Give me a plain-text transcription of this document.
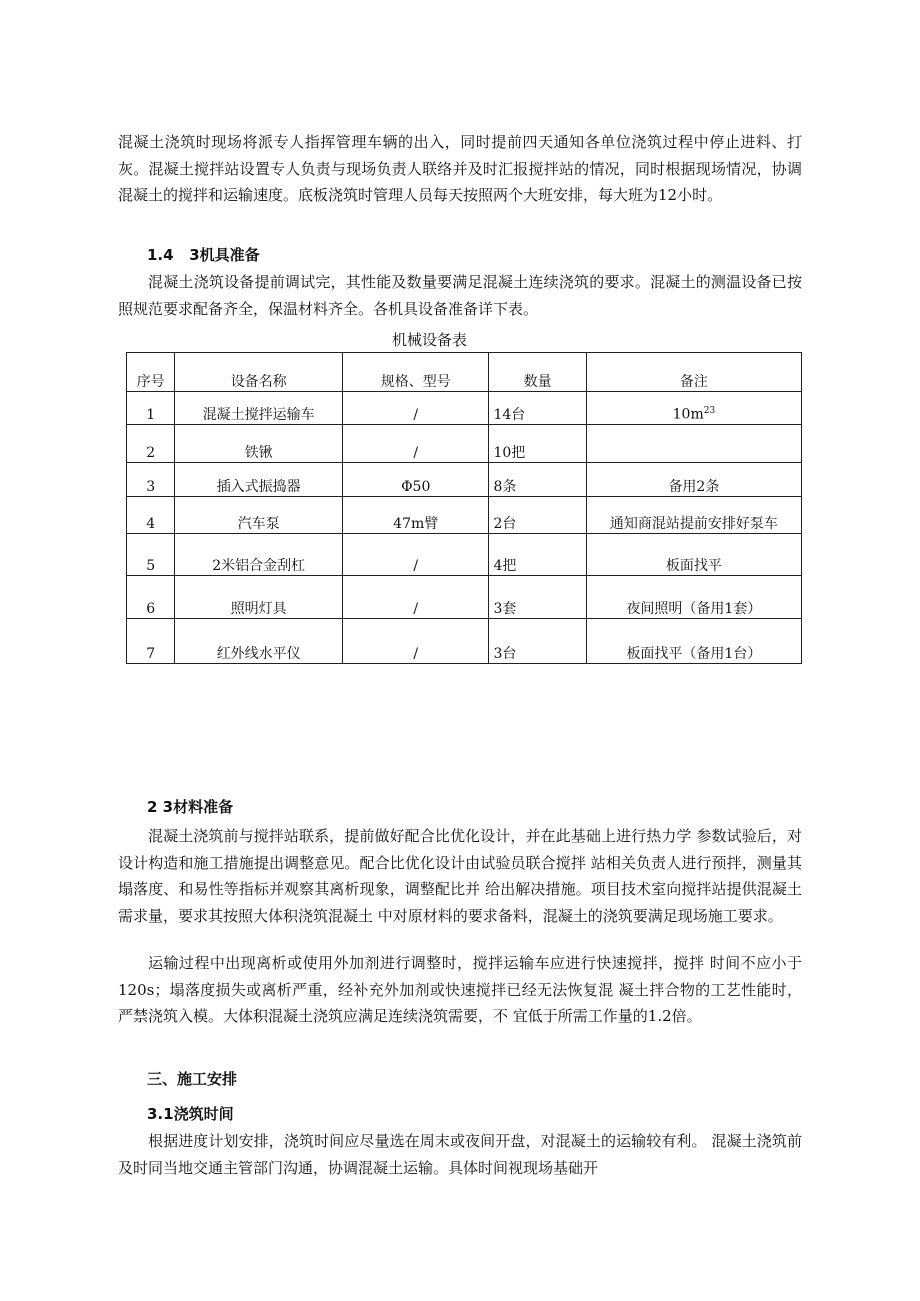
混凝土浇筑时现场将派专人指挥管理车辆的出入，同时提前四天通知各单位浇筑过程中停止进料、打灰。混凝土搅拌站设置专人负责与现场负责人联络并及时汇报搅拌站的情况，同时根据现场情况，协调混凝土的搅拌和运输速度。底板浇筑时管理人员每天按照两个大班安排，每大班为12小时。

1.4   3机具准备

混凝土浇筑设备提前调试完，其性能及数量要满足混凝土连续浇筑的要求。混凝土的测温设备已按照规范要求配备齐全，保温材料齐全。各机具设备准备详下表。

机械设备表

序号	设备名称	规格、型号	数量	备注
1	混凝土搅拌运输车	/	14台	$10m^{23}$
2	铁锹	/	10把	
3	插入式振捣器	Φ50	8条	备用2条
4	汽车泵	47m臂	2台	通知商混站提前安排好泵车
5	2米铝合金刮杠	/	4把	板面找平
6	照明灯具	/	3套	夜间照明（备用1套）
7	红外线水平仪	/	3台	板面找平（备用1台）
2 3材料准备

混凝土浇筑前与搅拌站联系，提前做好配合比优化设计，并在此基础上进行热力学 参数试验后，对设计构造和施工措施提出调整意见。配合比优化设计由试验员联合搅拌 站相关负责人进行预拌，测量其塌落度、和易性等指标并观察其离析现象，调整配比并 给出解决措施。项目技术室向搅拌站提供混凝土需求量，要求其按照大体积浇筑混凝土 中对原材料的要求备料，混凝土的浇筑要满足现场施工要求。

运输过程中出现离析或使用外加剂进行调整时，搅拌运输车应进行快速搅拌，搅拌 时间不应小于120s；塌落度损失或离析严重，经补充外加剂或快速搅拌已经无法恢复混 凝土拌合物的工艺性能时，严禁浇筑入模。大体积混凝土浇筑应满足连续浇筑需要，不 宜低于所需工作量的1.2倍。

三、施工安排
3.1浇筑时间

根据进度计划安排，浇筑时间应尽量选在周末或夜间开盘，对混凝土的运输较有利。 混凝土浇筑前及时同当地交通主管部门沟通，协调混凝土运输。具体时间视现场基础开
